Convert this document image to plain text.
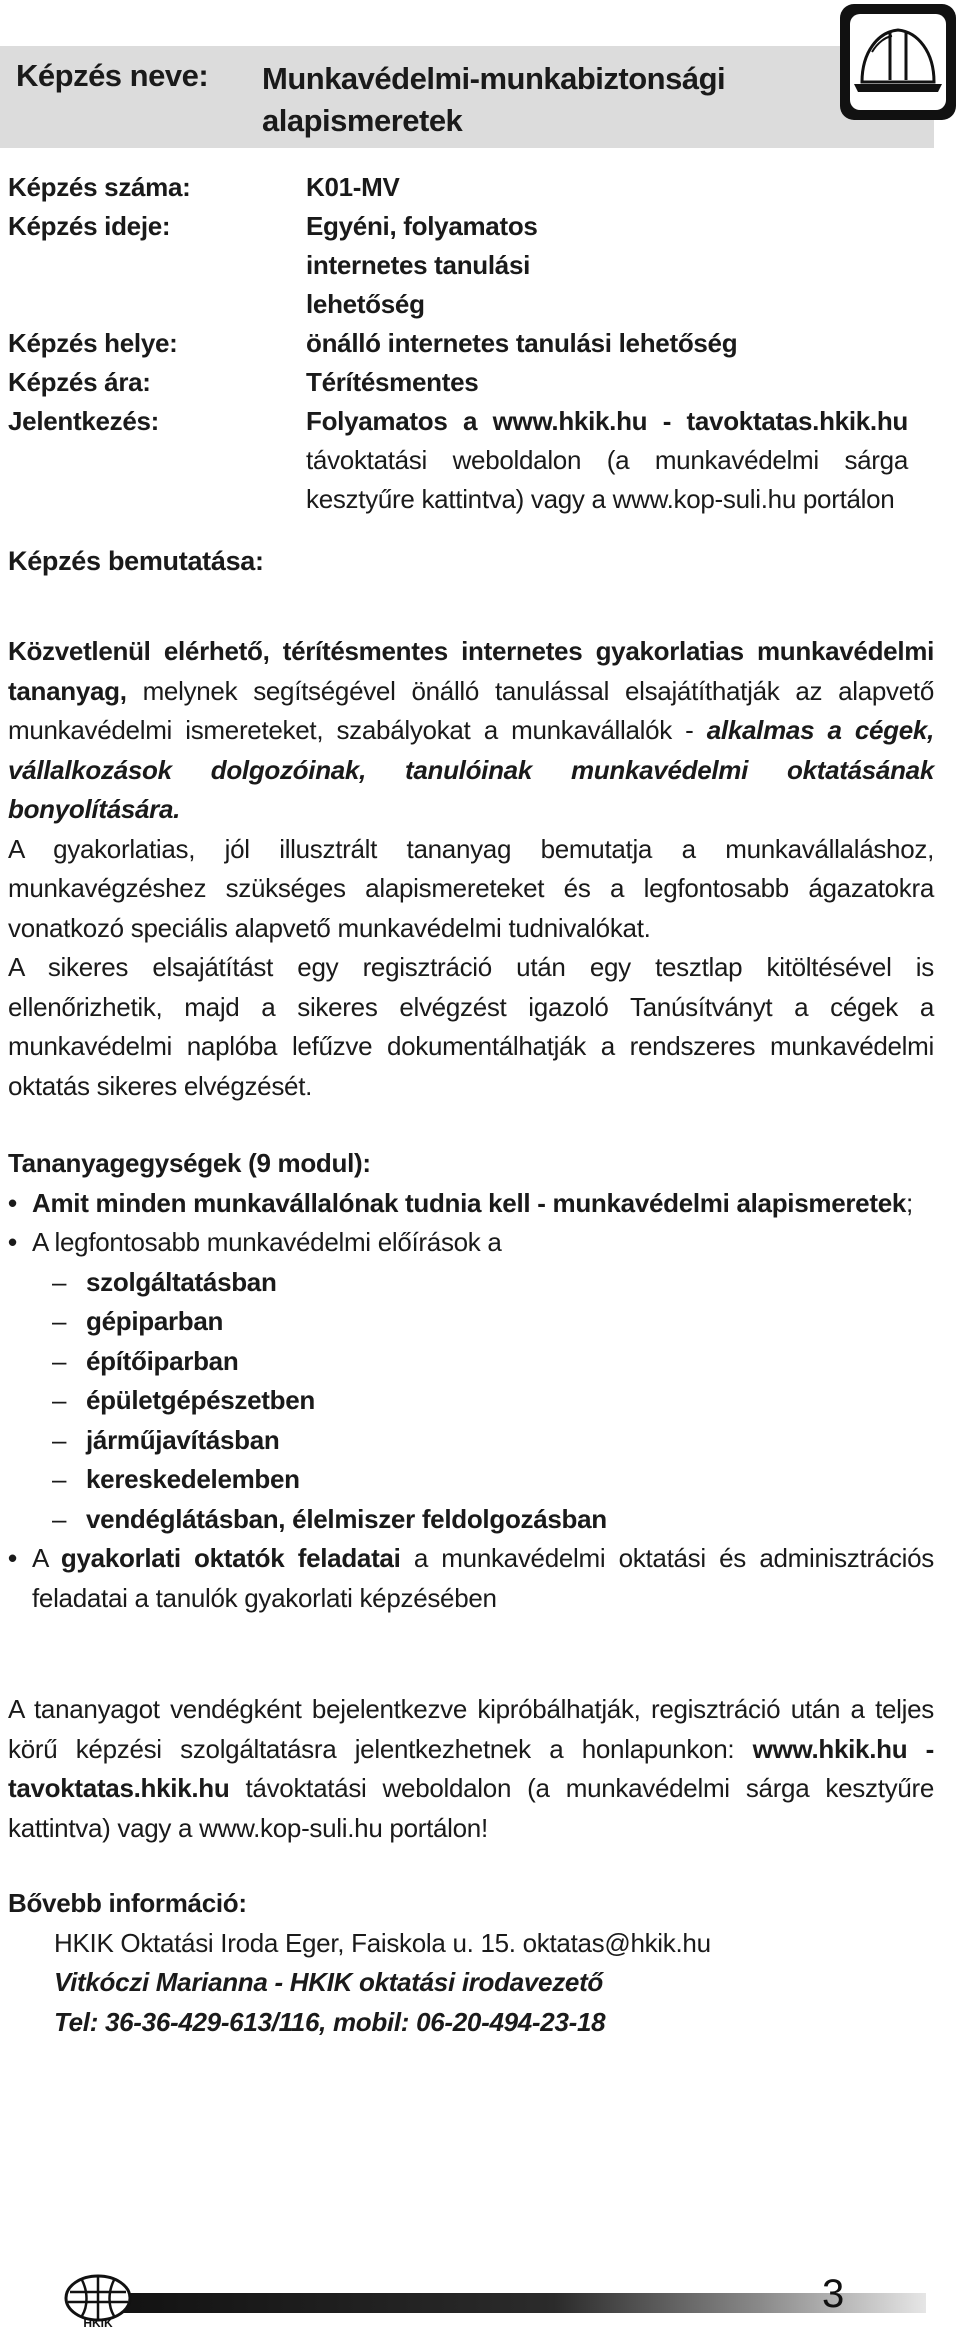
Képzés neve: Munkavédelmi-munkabiztonsági alapismeretek
Képzés száma:	K01-MV
Képzés ideje:	Egyéni, folyamatos internetes tanulási lehetőség
Képzés helye:	önálló internetes tanulási lehetőség
Képzés ára:	Térítésmentes
Jelentkezés:	Folyamatos a www.hkik.hu - tavoktatas.hkik.hu távoktatási weboldalon (a munkavédelmi sárga kesztyűre kattintva) vagy a www.kop-suli.hu portálon
Képzés bemutatása:

Közvetlenül elérhető, térítésmentes internetes gyakorlatias munkavédelmi tananyag, melynek segítségével önálló tanulással elsajátíthatják az alapvető munkavédelmi ismereteket, szabályokat a munkavállalók - alkalmas a cégek, vállalkozások dolgozóinak, tanulóinak munkavédelmi oktatásának bonyolítására.

A gyakorlatias, jól illusztrált tananyag bemutatja a munkavállaláshoz, munkavégzéshez szükséges alapismereteket és a legfontosabb ágazatokra vonatkozó speciális alapvető munkavédelmi tudnivalókat.

A sikeres elsajátítást egy regisztráció után egy tesztlap kitöltésével is ellenőrizhetik, majd a sikeres elvégzést igazoló Tanúsítványt a cégek a munkavédelmi naplóba lefűzve dokumentálhatják a rendszeres munkavédelmi oktatás sikeres elvégzését.

Tananyagegységek (9 modul):
• Amit minden munkavállalónak tudnia kell - munkavédelmi alapismeretek;
• A legfontosabb munkavédelmi előírások a
– szolgáltatásban
– gépiparban
– építőiparban
– épületgépészetben
– járműjavításban
– kereskedelemben
– vendéglátásban, élelmiszer feldolgozásban
• A gyakorlati oktatók feladatai a munkavédelmi oktatási és adminisztrációs feladatai a tanulók gyakorlati képzésében
A tananyagot vendégként bejelentkezve kipróbálhatják, regisztráció után a teljes körű képzési szolgáltatásra jelentkezhetnek a honlapunkon: www.hkik.hu - tavoktatas.hkik.hu távoktatási weboldalon (a munkavédelmi sárga kesztyűre kattintva) vagy a www.kop-suli.hu portálon!
Bővebb információ:
HKIK Oktatási Iroda Eger, Faiskola u. 15. oktatas@hkik.hu
Vitkóczi Marianna - HKIK oktatási irodavezető
Tel: 36-36-429-613/116, mobil: 06-20-494-23-18
HKIK
3
